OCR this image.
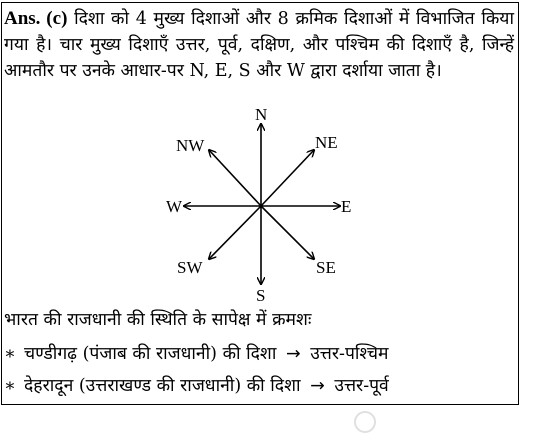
Ans. (c) दिशा को 4 मुख्य दिशाओं और 8 क्रमिक दिशाओं में विभाजित किया गया है। चार मुख्य दिशाएँ उत्तर, पूर्व, दक्षिण, और पश्चिम की दिशाएँ है, जिन्हें आमतौर पर उनके आधार-पर N, E, S और W द्वारा दर्शाया जाता है।

N
NE
E
SE
S
SW
W
NW

भारत की राजधानी की स्थिति के सापेक्ष में क्रमशः

∗ चण्डीगढ़ (पंजाब की राजधानी) की दिशा → उत्तर-पश्चिम

∗ देहरादून (उत्तराखण्ड की राजधानी) की दिशा → उत्तर-पूर्व
